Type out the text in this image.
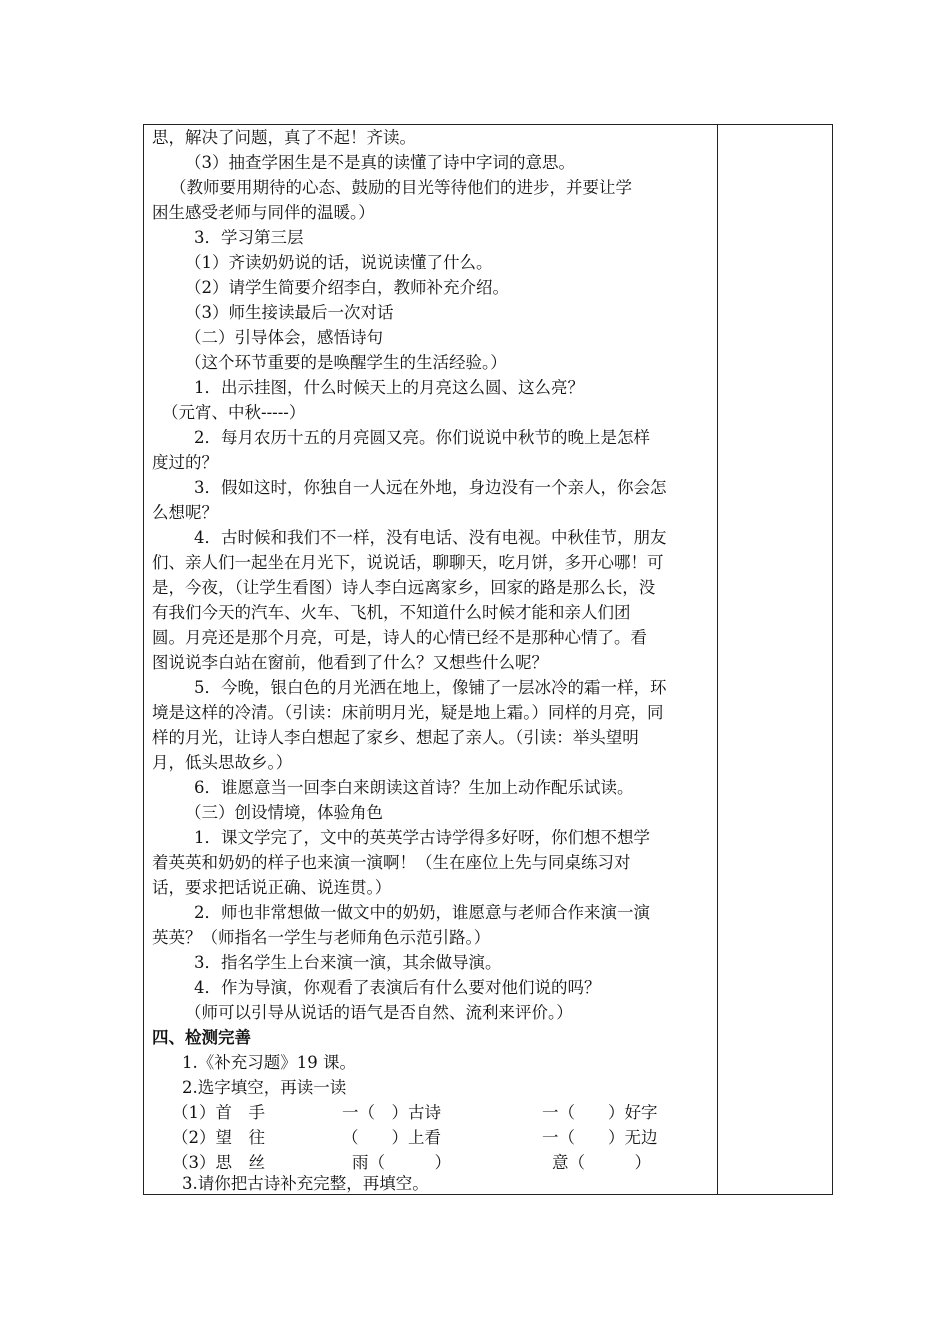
思，解决了问题，真了不起！齐读。
（3）抽查学困生是不是真的读懂了诗中字词的意思。
（教师要用期待的心态、鼓励的目光等待他们的进步，并要让学
困生感受老师与同伴的温暖。）
3．学习第三层
（1）齐读奶奶说的话，说说读懂了什么。
（2）请学生简要介绍李白，教师补充介绍。
（3）师生接读最后一次对话
（二）引导体会，感悟诗句
（这个环节重要的是唤醒学生的生活经验。）
1．出示挂图，什么时候天上的月亮这么圆、这么亮？
（元宵、中秋-----）
2．每月农历十五的月亮圆又亮。你们说说中秋节的晚上是怎样
度过的？
3．假如这时，你独自一人远在外地，身边没有一个亲人，你会怎
么想呢？
4．古时候和我们不一样，没有电话、没有电视。中秋佳节，朋友
们、亲人们一起坐在月光下，说说话，聊聊天，吃月饼，多开心哪！可
是，今夜，（让学生看图）诗人李白远离家乡，回家的路是那么长，没
有我们今天的汽车、火车、飞机，不知道什么时候才能和亲人们团
圆。月亮还是那个月亮，可是，诗人的心情已经不是那种心情了。看
图说说李白站在窗前，他看到了什么？又想些什么呢？
5．今晚，银白色的月光洒在地上，像铺了一层冰冷的霜一样，环
境是这样的冷清。（引读：床前明月光，疑是地上霜。）同样的月亮，同
样的月光，让诗人李白想起了家乡、想起了亲人。（引读：举头望明
月，低头思故乡。）
6．谁愿意当一回李白来朗读这首诗？生加上动作配乐试读。
（三）创设情境，体验角色
1．课文学完了，文中的英英学古诗学得多好呀，你们想不想学
着英英和奶奶的样子也来演一演啊！（生在座位上先与同桌练习对
话，要求把话说正确、说连贯。）
2．师也非常想做一做文中的奶奶，谁愿意与老师合作来演一演
英英？（师指名一学生与老师角色示范引路。）
3．指名学生上台来演一演，其余做导演。
4．作为导演，你观看了表演后有什么要对他们说的吗？
（师可以引导从说话的语气是否自然、流利来评价。）
四、检测完善
1.《补充习题》19 课。
2.选字填空，再读一读
（1）首　手	一（　）古诗	一（　　）好字
（2）望　往	（　　）上看	一（　　）无边
（3）思　丝	雨（　　　）	意（　　　）
3.请你把古诗补充完整，再填空。
